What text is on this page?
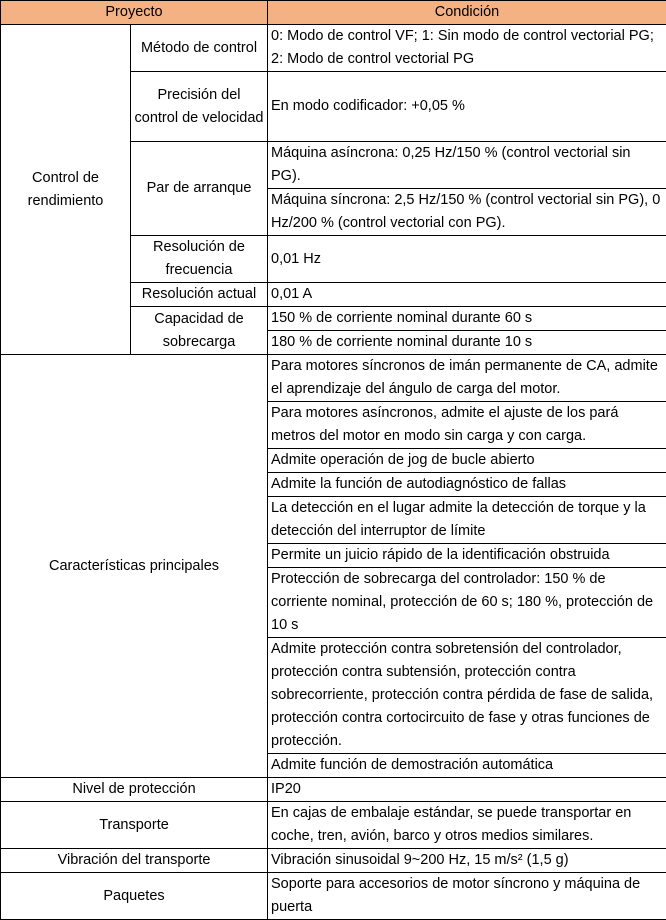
Proyecto		Condición
Control de rendimiento	Método de control	0: Modo de control VF; 1: Sin modo de control vectorial PG; 2: Modo de control vectorial PG
	Precisión del control de velocidad	En modo codificador: +0,05 %
	Par de arranque	Máquina asíncrona: 0,25 Hz/150 % (control vectorial sin PG).
		Máquina síncrona: 2,5 Hz/150 % (control vectorial sin PG), 0 Hz/200 % (control vectorial con PG).
	Resolución de frecuencia	0,01 Hz
	Resolución actual	0,01 A
	Capacidad de sobrecarga	150 % de corriente nominal durante 60 s
		180 % de corriente nominal durante 10 s
Características principales		Para motores síncronos de imán permanente de CA, admite el aprendizaje del ángulo de carga del motor.
		Para motores asíncronos, admite el ajuste de los pará metros del motor en modo sin carga y con carga.
		Admite operación de jog de bucle abierto
		Admite la función de autodiagnóstico de fallas
		La detección en el lugar admite la detección de torque y la detección del interruptor de límite
		Permite un juicio rápido de la identificación obstruida
		Protección de sobrecarga del controlador: 150 % de corriente nominal, protección de 60 s; 180 %, protección de 10 s
		Admite protección contra sobretensión del controlador, protección contra subtensión, protección contra sobrecorriente, protección contra pérdida de fase de salida, protección contra cortocircuito de fase y otras funciones de protección.
		Admite función de demostración automática
Nivel de protección		IP20
Transporte		En cajas de embalaje estándar, se puede transportar en coche, tren, avión, barco y otros medios similares.
Vibración del transporte		Vibración sinusoidal 9~200 Hz, 15 m/s² (1,5 g)
Paquetes		Soporte para accesorios de motor síncrono y máquina de puerta
